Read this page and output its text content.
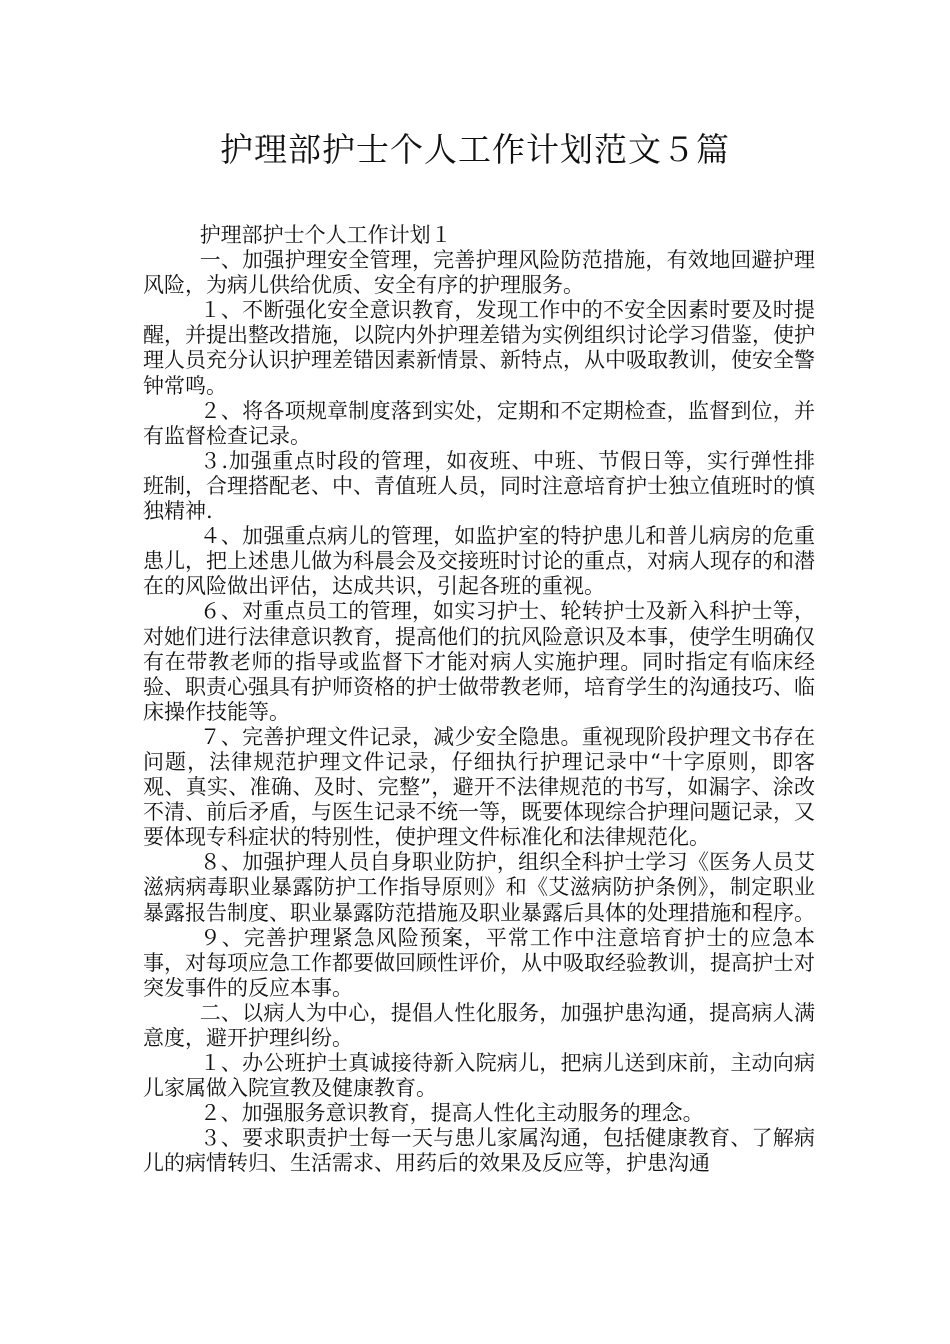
护理部护士个人工作计划范文５篇

护理部护士个人工作计划１

一、加强护理安全管理，完善护理风险防范措施，有效地回避护理风险，为病儿供给优质、安全有序的护理服务。

１、不断强化安全意识教育，发现工作中的不安全因素时要及时提醒，并提出整改措施，以院内外护理差错为实例组织讨论学习借鉴，使护理人员充分认识护理差错因素新情景、新特点，从中吸取教训，使安全警钟常鸣。

２、将各项规章制度落到实处，定期和不定期检查，监督到位，并有监督检查记录。

３.加强重点时段的管理，如夜班、中班、节假日等，实行弹性排班制，合理搭配老、中、青值班人员，同时注意培育护士独立值班时的慎独精神.

４、加强重点病儿的管理，如监护室的特护患儿和普儿病房的危重患儿，把上述患儿做为科晨会及交接班时讨论的重点，对病人现存的和潜在的风险做出评估，达成共识，引起各班的重视。

６、对重点员工的管理，如实习护士、轮转护士及新入科护士等，对她们进行法律意识教育，提高他们的抗风险意识及本事，使学生明确仅有在带教老师的指导或监督下才能对病人实施护理。同时指定有临床经验、职责心强具有护师资格的护士做带教老师，培育学生的沟通技巧、临床操作技能等。

７、完善护理文件记录，减少安全隐患。重视现阶段护理文书存在问题，法律规范护理文件记录，仔细执行护理记录中“十字原则，即客观、真实、准确、及时、完整”，避开不法律规范的书写，如漏字、涂改不清、前后矛盾，与医生记录不统一等，既要体现综合护理问题记录，又要体现专科症状的特别性，使护理文件标准化和法律规范化。

８、加强护理人员自身职业防护，组织全科护士学习《医务人员艾滋病病毒职业暴露防护工作指导原则》和《艾滋病防护条例》，制定职业暴露报告制度、职业暴露防范措施及职业暴露后具体的处理措施和程序。

９、完善护理紧急风险预案，平常工作中注意培育护士的应急本事，对每项应急工作都要做回顾性评价，从中吸取经验教训，提高护士对突发事件的反应本事。

二、以病人为中心，提倡人性化服务，加强护患沟通，提高病人满意度，避开护理纠纷。

１、办公班护士真诚接待新入院病儿，把病儿送到床前，主动向病儿家属做入院宣教及健康教育。

２、加强服务意识教育，提高人性化主动服务的理念。

３、要求职责护士每一天与患儿家属沟通，包括健康教育、了解病儿的病情转归、生活需求、用药后的效果及反应等，护患沟通
